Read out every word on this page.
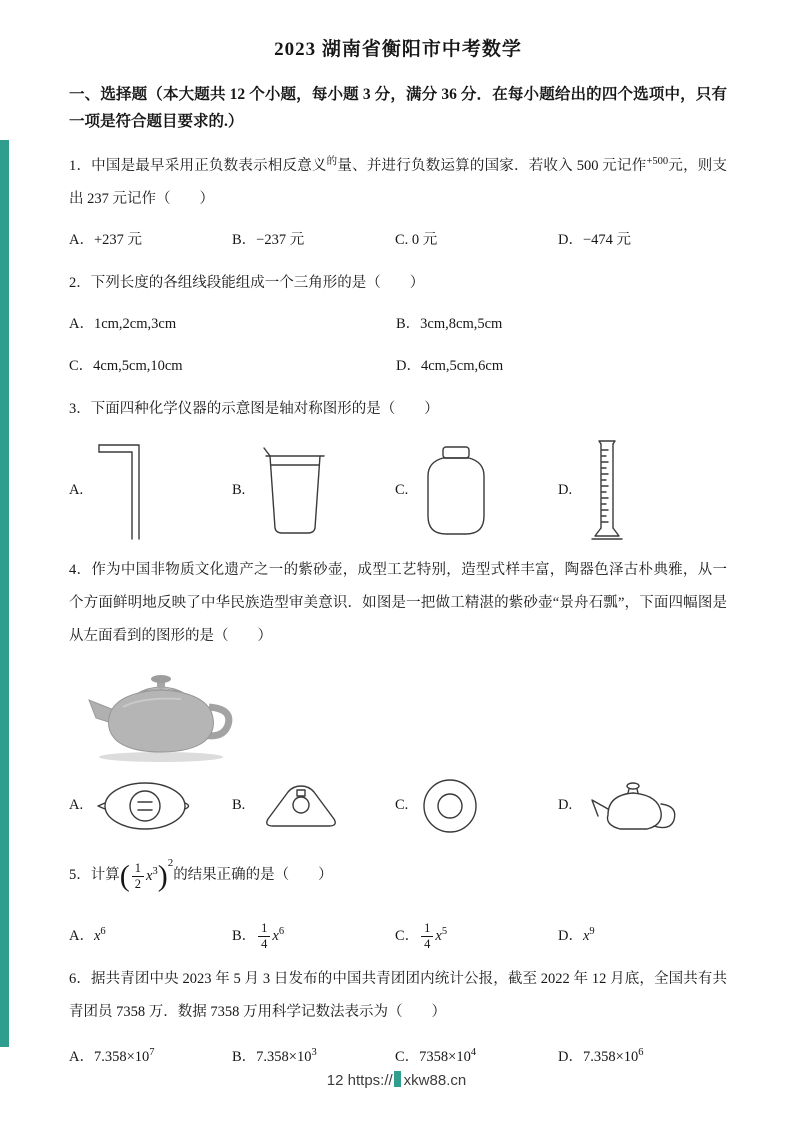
2023 湖南省衡阳市中考数学

一、选择题（本大题共 12 个小题，每小题 3 分，满分 36 分．在每小题给出的四个选项中，只有一项是符合题目要求的.）

1．中国是最早采用正负数表示相反意义$^的$量、并进行负数运算的国家．若收入 500 元记作$^{+500}$元，则支出 237 元记作（　　）

A．+237 元	B．−237 元	C. 0 元	D．−474 元

2．下列长度的各组线段能组成一个三角形的是（　　）

A．1cm,2cm,3cm	B．3cm,8cm,5cm
C．4cm,5cm,10cm	D．4cm,5cm,6cm

3．下面四种化学仪器的示意图是轴对称图形的是（　　）

A.	B.	C.	D.

4．作为中国非物质文化遗产之一的紫砂壶，成型工艺特别，造型式样丰富，陶器色泽古朴典雅，从一个方面鲜明地反映了中华民族造型审美意识．如图是一把做工精湛的紫砂壶“景舟石瓢”，下面四幅图是从左面看到的图形的是（　　）

A.	B.	C.	D.
5．计算 ( $\frac{1}{2} x^3)^2$
的结果正确的是（　　）
A．$x^6$	B． $\frac{1}{4} x^6$	C． $\frac{1}{4} x^5$	D．$x^9$

6．据共青团中央 2023 年 5 月 3 日发布的中国共青团团内统计公报，截至 2022 年 12 月底，全国共有共青团员 7358 万．数据 7358 万用科学记数法表示为（　　）

A．$7.358\times 10^7$	B．$7.358\times 10^3$	C．$7358\times 10^4$	D．$7.358\times 10^6$
12 https:// xkw88.cn
